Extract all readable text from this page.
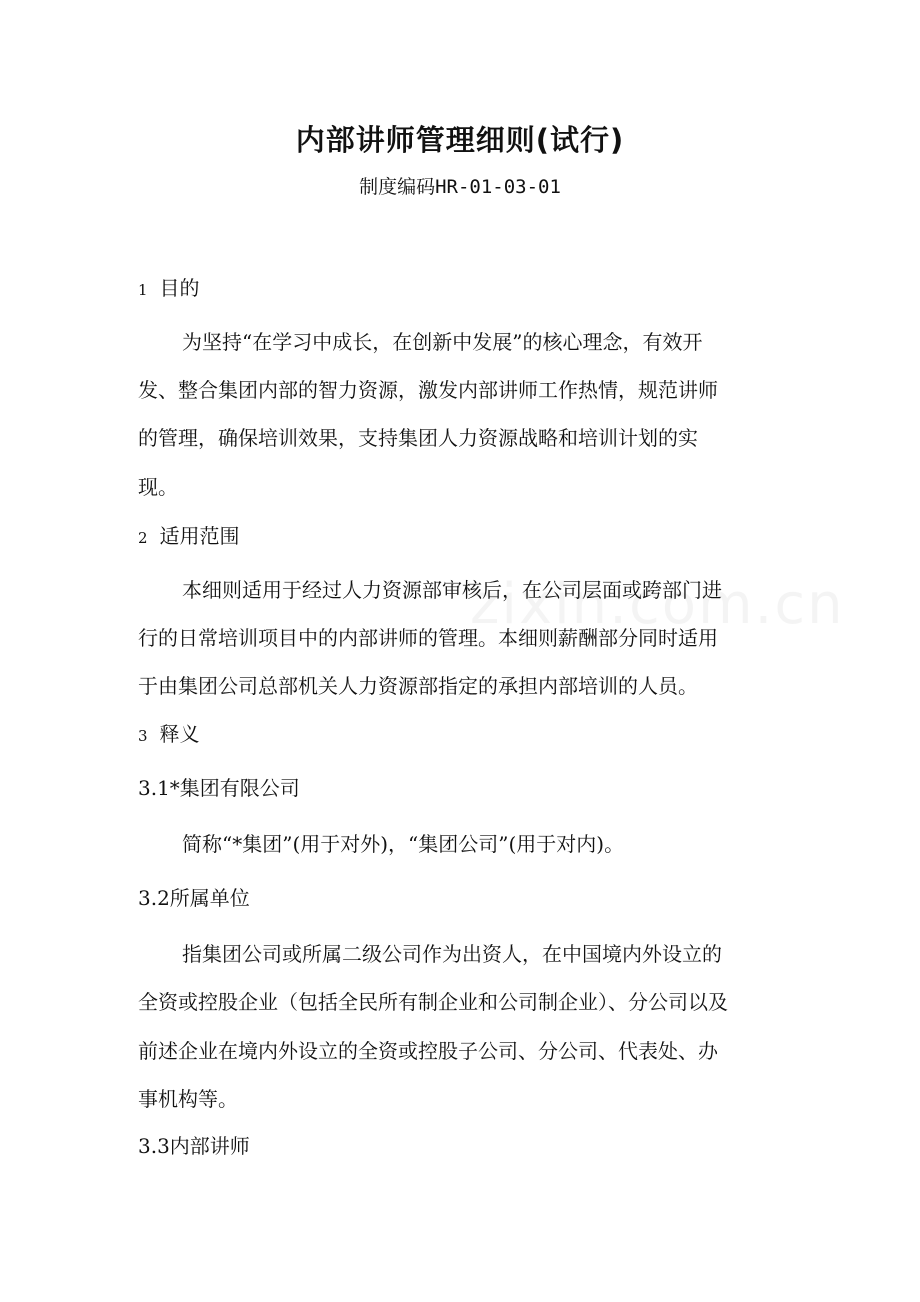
内部讲师管理细则(试行)
制度编码HR-01-03-01
1 目的
为坚持“在学习中成长，在创新中发展”的核心理念，有效开
发、整合集团内部的智力资源，激发内部讲师工作热情，规范讲师
的管理，确保培训效果，支持集团人力资源战略和培训计划的实
现。
2 适用范围
本细则适用于经过人力资源部审核后，在公司层面或跨部门进
行的日常培训项目中的内部讲师的管理。本细则薪酬部分同时适用
于由集团公司总部机关人力资源部指定的承担内部培训的人员。
3 释义
3.1*集团有限公司
简称“*集团”(用于对外)，“集团公司”(用于对内)。
3.2所属单位
指集团公司或所属二级公司作为出资人，在中国境内外设立的
全资或控股企业（包括全民所有制企业和公司制企业）、分公司以及
前述企业在境内外设立的全资或控股子公司、分公司、代表处、办
事机构等。
3.3内部讲师
